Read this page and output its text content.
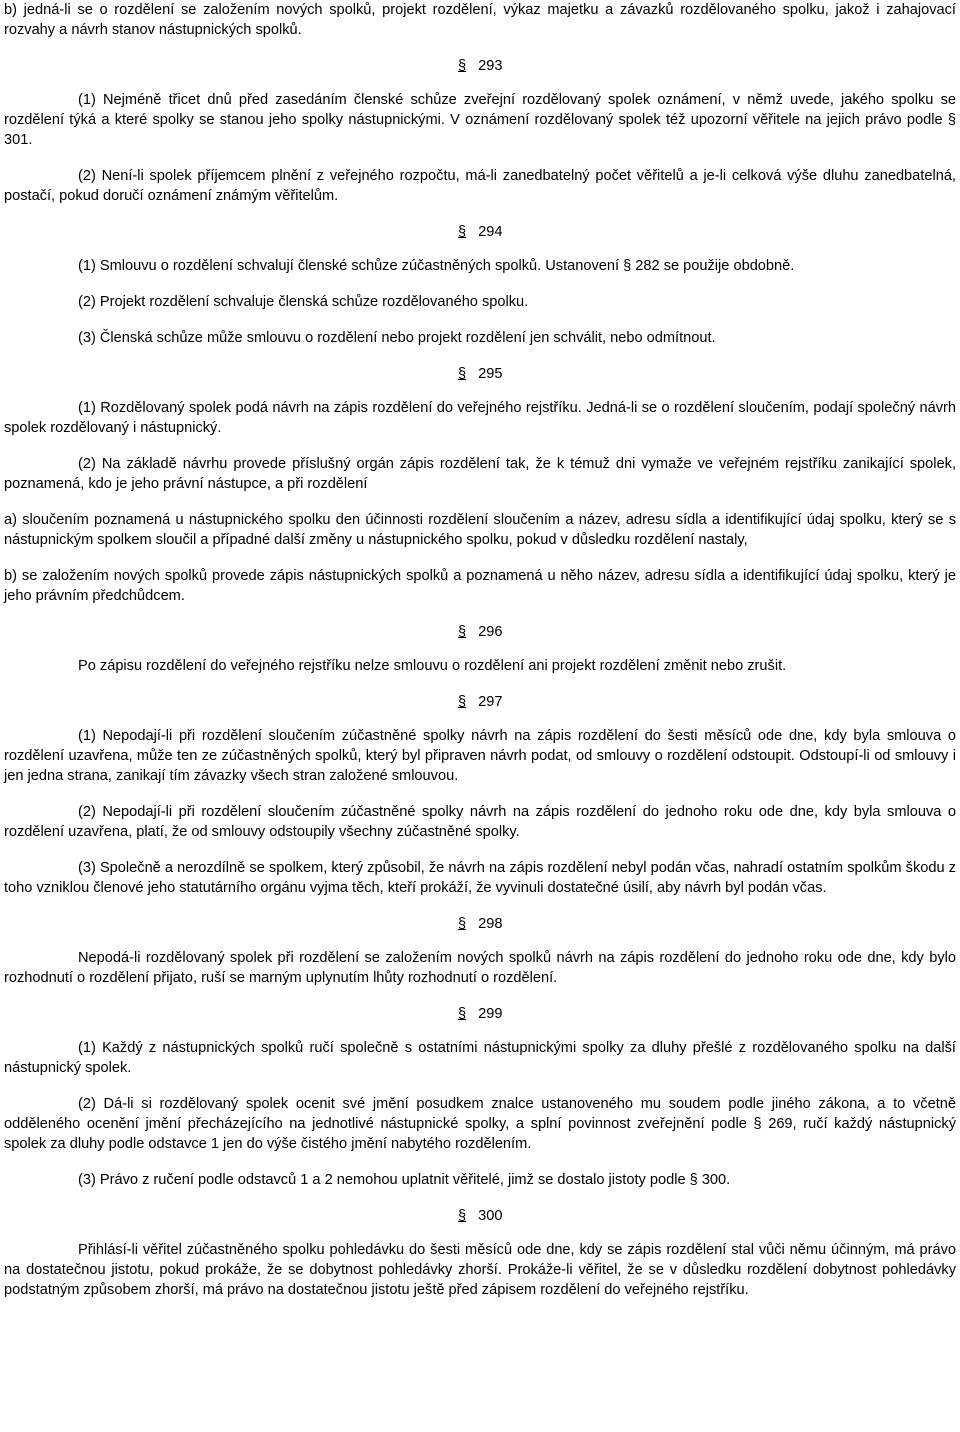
b) jedná-li se o rozdělení se založením nových spolků, projekt rozdělení, výkaz majetku a závazků rozdělovaného spolku, jakož i zahajovací rozvahy a návrh stanov nástupnických spolků.

§ 293

(1) Nejméně třicet dnů před zasedáním členské schůze zveřejní rozdělovaný spolek oznámení, v němž uvede, jakého spolku se rozdělení týká a které spolky se stanou jeho spolky nástupnickými. V oznámení rozdělovaný spolek též upozorní věřitele na jejich právo podle § 301.

(2) Není-li spolek příjemcem plnění z veřejného rozpočtu, má-li zanedbatelný počet věřitelů a je-li celková výše dluhu zanedbatelná, postačí, pokud doručí oznámení známým věřitelům.

§ 294

(1) Smlouvu o rozdělení schvalují členské schůze zúčastněných spolků. Ustanovení § 282 se použije obdobně.

(2) Projekt rozdělení schvaluje členská schůze rozdělovaného spolku.

(3) Členská schůze může smlouvu o rozdělení nebo projekt rozdělení jen schválit, nebo odmítnout.

§ 295

(1) Rozdělovaný spolek podá návrh na zápis rozdělení do veřejného rejstříku. Jedná-li se o rozdělení sloučením, podají společný návrh spolek rozdělovaný i nástupnický.

(2) Na základě návrhu provede příslušný orgán zápis rozdělení tak, že k témuž dni vymaže ve veřejném rejstříku zanikající spolek, poznamená, kdo je jeho právní nástupce, a při rozdělení

a) sloučením poznamená u nástupnického spolku den účinnosti rozdělení sloučením a název, adresu sídla a identifikující údaj spolku, který se s nástupnickým spolkem sloučil a případné další změny u nástupnického spolku, pokud v důsledku rozdělení nastaly,

b) se založením nových spolků provede zápis nástupnických spolků a poznamená u něho název, adresu sídla a identifikující údaj spolku, který je jeho právním předchůdcem.

§ 296

Po zápisu rozdělení do veřejného rejstříku nelze smlouvu o rozdělení ani projekt rozdělení změnit nebo zrušit.

§ 297

(1) Nepodají-li při rozdělení sloučením zúčastněné spolky návrh na zápis rozdělení do šesti měsíců ode dne, kdy byla smlouva o rozdělení uzavřena, může ten ze zúčastněných spolků, který byl připraven návrh podat, od smlouvy o rozdělení odstoupit. Odstoupí-li od smlouvy i jen jedna strana, zanikají tím závazky všech stran založené smlouvou.

(2) Nepodají-li při rozdělení sloučením zúčastněné spolky návrh na zápis rozdělení do jednoho roku ode dne, kdy byla smlouva o rozdělení uzavřena, platí, že od smlouvy odstoupily všechny zúčastněné spolky.

(3) Společně a nerozdílně se spolkem, který způsobil, že návrh na zápis rozdělení nebyl podán včas, nahradí ostatním spolkům škodu z toho vzniklou členové jeho statutárního orgánu vyjma těch, kteří prokáží, že vyvinuli dostatečné úsilí, aby návrh byl podán včas.

§ 298

Nepodá-li rozdělovaný spolek při rozdělení se založením nových spolků návrh na zápis rozdělení do jednoho roku ode dne, kdy bylo rozhodnutí o rozdělení přijato, ruší se marným uplynutím lhůty rozhodnutí o rozdělení.

§ 299

(1) Každý z nástupnických spolků ručí společně s ostatními nástupnickými spolky za dluhy přešlé z rozdělovaného spolku na další nástupnický spolek.

(2) Dá-li si rozdělovaný spolek ocenit své jmění posudkem znalce ustanoveného mu soudem podle jiného zákona, a to včetně odděleného ocenění jmění přecházejícího na jednotlivé nástupnické spolky, a splní povinnost zveřejnění podle § 269, ručí každý nástupnický spolek za dluhy podle odstavce 1 jen do výše čistého jmění nabytého rozdělením.

(3) Právo z ručení podle odstavců 1 a 2 nemohou uplatnit věřitelé, jimž se dostalo jistoty podle § 300.

§ 300

Přihlásí-li věřitel zúčastněného spolku pohledávku do šesti měsíců ode dne, kdy se zápis rozdělení stal vůči němu účinným, má právo na dostatečnou jistotu, pokud prokáže, že se dobytnost pohledávky zhorší. Prokáže-li věřitel, že se v důsledku rozdělení dobytnost pohledávky podstatným způsobem zhorší, má právo na dostatečnou jistotu ještě před zápisem rozdělení do veřejného rejstříku.
